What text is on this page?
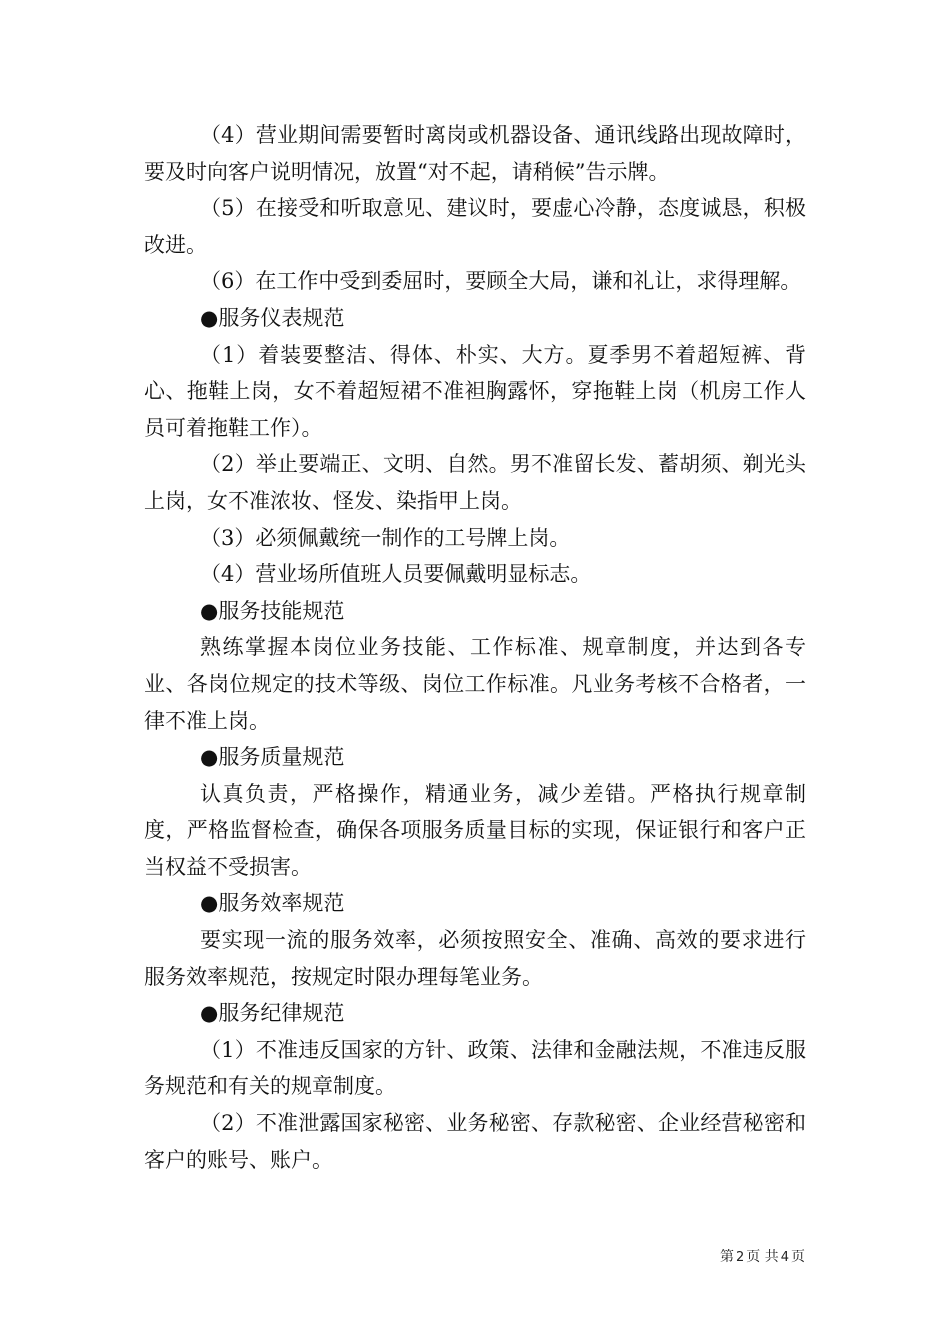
（4）营业期间需要暂时离岗或机器设备、通讯线路出现故障时，要及时向客户说明情况，放置“对不起，请稍候”告示牌。

（5）在接受和听取意见、建议时，要虚心冷静，态度诚恳，积极改进。

（6）在工作中受到委屈时，要顾全大局，谦和礼让，求得理解。

●服务仪表规范

（1）着装要整洁、得体、朴实、大方。夏季男不着超短裤、背心、拖鞋上岗，女不着超短裙不准袒胸露怀，穿拖鞋上岗（机房工作人员可着拖鞋工作）。

（2）举止要端正、文明、自然。男不准留长发、蓄胡须、剃光头上岗，女不准浓妆、怪发、染指甲上岗。

（3）必须佩戴统一制作的工号牌上岗。

（4）营业场所值班人员要佩戴明显标志。

●服务技能规范

熟练掌握本岗位业务技能、工作标准、规章制度，并达到各专业、各岗位规定的技术等级、岗位工作标准。凡业务考核不合格者，一律不准上岗。

●服务质量规范

认真负责，严格操作，精通业务，减少差错。严格执行规章制度，严格监督检查，确保各项服务质量目标的实现，保证银行和客户正当权益不受损害。

●服务效率规范

要实现一流的服务效率，必须按照安全、准确、高效的要求进行服务效率规范，按规定时限办理每笔业务。

●服务纪律规范

（1）不准违反国家的方针、政策、法律和金融法规，不准违反服务规范和有关的规章制度。

（2）不准泄露国家秘密、业务秘密、存款秘密、企业经营秘密和客户的账号、账户。

第 2 页 共 4 页
